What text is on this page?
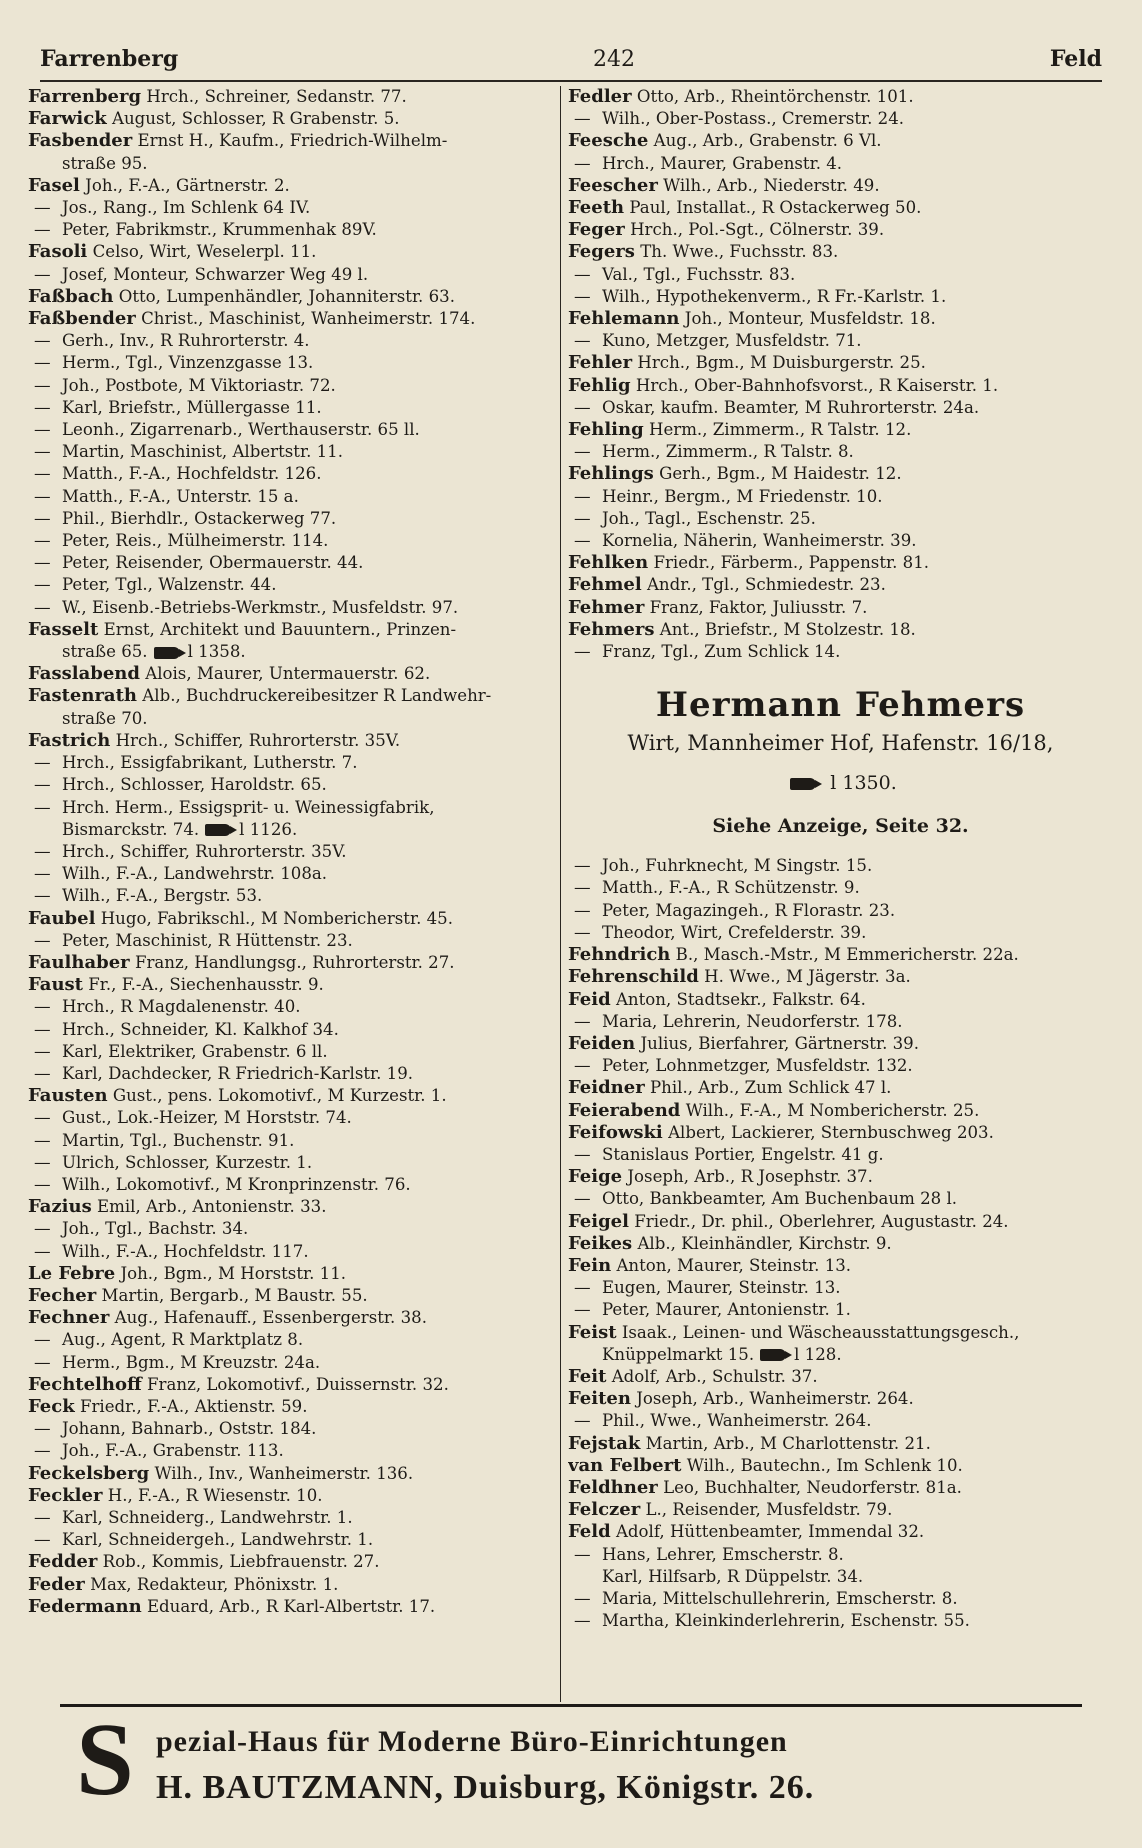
Farrenberg	242	Feld
Farrenberg Hrch., Schreiner, Sedanstr. 77.
Farwick August, Schlosser, R Grabenstr. 5.
Fasbender Ernst H., Kaufm., Friedrich-Wilhelm-
straße 95.
Fasel Joh., F.-A., Gärtnerstr. 2.
— Jos., Rang., Im Schlenk 64 IV.
— Peter, Fabrikmstr., Krummenhak 89V.
Fasoli Celso, Wirt, Weselerpl. 11.
— Josef, Monteur, Schwarzer Weg 49 l.
Faßbach Otto, Lumpenhändler, Johanniterstr. 63.
Faßbender Christ., Maschinist, Wanheimerstr. 174.
— Gerh., Inv., R Ruhrorterstr. 4.
— Herm., Tgl., Vinzenzgasse 13.
— Joh., Postbote, M Viktoriastr. 72.
— Karl, Briefstr., Müllergasse 11.
— Leonh., Zigarrenarb., Werthauserstr. 65 ll.
— Martin, Maschinist, Albertstr. 11.
— Matth., F.-A., Hochfeldstr. 126.
— Matth., F.-A., Unterstr. 15 a.
— Phil., Bierhdlr., Ostackerweg 77.
— Peter, Reis., Mülheimerstr. 114.
— Peter, Reisender, Obermauerstr. 44.
— Peter, Tgl., Walzenstr. 44.
— W., Eisenb.-Betriebs-Werkmstr., Musfeldstr. 97.
Fasselt Ernst, Architekt und Bauuntern., Prinzen-
straße 65. l 1358.
Fasslabend Alois, Maurer, Untermauerstr. 62.
Fastenrath Alb., Buchdruckereibesitzer R Landwehr-
straße 70.
Fastrich Hrch., Schiffer, Ruhrorterstr. 35V.
— Hrch., Essigfabrikant, Lutherstr. 7.
— Hrch., Schlosser, Haroldstr. 65.
— Hrch. Herm., Essigsprit- u. Weinessigfabrik,
Bismarckstr. 74. l 1126.
— Hrch., Schiffer, Ruhrorterstr. 35V.
— Wilh., F.-A., Landwehrstr. 108a.
— Wilh., F.-A., Bergstr. 53.
Faubel Hugo, Fabrikschl., M Nombericherstr. 45.
— Peter, Maschinist, R Hüttenstr. 23.
Faulhaber Franz, Handlungsg., Ruhrorterstr. 27.
Faust Fr., F.-A., Siechenhausstr. 9.
— Hrch., R Magdalenenstr. 40.
— Hrch., Schneider, Kl. Kalkhof 34.
— Karl, Elektriker, Grabenstr. 6 ll.
— Karl, Dachdecker, R Friedrich-Karlstr. 19.
Fausten Gust., pens. Lokomotivf., M Kurzestr. 1.
— Gust., Lok.-Heizer, M Horststr. 74.
— Martin, Tgl., Buchenstr. 91.
— Ulrich, Schlosser, Kurzestr. 1.
— Wilh., Lokomotivf., M Kronprinzenstr. 76.
Fazius Emil, Arb., Antonienstr. 33.
— Joh., Tgl., Bachstr. 34.
— Wilh., F.-A., Hochfeldstr. 117.
Le Febre Joh., Bgm., M Horststr. 11.
Fecher Martin, Bergarb., M Baustr. 55.
Fechner Aug., Hafenauff., Essenbergerstr. 38.
— Aug., Agent, R Marktplatz 8.
— Herm., Bgm., M Kreuzstr. 24a.
Fechtelhoff Franz, Lokomotivf., Duissernstr. 32.
Feck Friedr., F.-A., Aktienstr. 59.
— Johann, Bahnarb., Oststr. 184.
— Joh., F.-A., Grabenstr. 113.
Feckelsberg Wilh., Inv., Wanheimerstr. 136.
Feckler H., F.-A., R Wiesenstr. 10.
— Karl, Schneiderg., Landwehrstr. 1.
— Karl, Schneidergeh., Landwehrstr. 1.
Fedder Rob., Kommis, Liebfrauenstr. 27.
Feder Max, Redakteur, Phönixstr. 1.
Federmann Eduard, Arb., R Karl-Albertstr. 17.
Fedler Otto, Arb., Rheintörchenstr. 101.
— Wilh., Ober-Postass., Cremerstr. 24.
Feesche Aug., Arb., Grabenstr. 6 Vl.
— Hrch., Maurer, Grabenstr. 4.
Feescher Wilh., Arb., Niederstr. 49.
Feeth Paul, Installat., R Ostackerweg 50.
Feger Hrch., Pol.-Sgt., Cölnerstr. 39.
Fegers Th. Wwe., Fuchsstr. 83.
— Val., Tgl., Fuchsstr. 83.
— Wilh., Hypothekenverm., R Fr.-Karlstr. 1.
Fehlemann Joh., Monteur, Musfeldstr. 18.
— Kuno, Metzger, Musfeldstr. 71.
Fehler Hrch., Bgm., M Duisburgerstr. 25.
Fehlig Hrch., Ober-Bahnhofsvorst., R Kaiserstr. 1.
— Oskar, kaufm. Beamter, M Ruhrorterstr. 24a.
Fehling Herm., Zimmerm., R Talstr. 12.
— Herm., Zimmerm., R Talstr. 8.
Fehlings Gerh., Bgm., M Haidestr. 12.
— Heinr., Bergm., M Friedenstr. 10.
— Joh., Tagl., Eschenstr. 25.
— Kornelia, Näherin, Wanheimerstr. 39.
Fehlken Friedr., Färberm., Pappenstr. 81.
Fehmel Andr., Tgl., Schmiedestr. 23.
Fehmer Franz, Faktor, Juliusstr. 7.
Fehmers Ant., Briefstr., M Stolzestr. 18.
— Franz, Tgl., Zum Schlick 14.
Hermann Fehmers
Wirt, Mannheimer Hof, Hafenstr. 16/18,
l 1350.
Siehe Anzeige, Seite 32.
— Joh., Fuhrknecht, M Singstr. 15.
— Matth., F.-A., R Schützenstr. 9.
— Peter, Magazingeh., R Florastr. 23.
— Theodor, Wirt, Crefelderstr. 39.
Fehndrich B., Masch.-Mstr., M Emmericherstr. 22a.
Fehrenschild H. Wwe., M Jägerstr. 3a.
Feid Anton, Stadtsekr., Falkstr. 64.
— Maria, Lehrerin, Neudorferstr. 178.
Feiden Julius, Bierfahrer, Gärtnerstr. 39.
— Peter, Lohnmetzger, Musfeldstr. 132.
Feidner Phil., Arb., Zum Schlick 47 l.
Feierabend Wilh., F.-A., M Nombericherstr. 25.
Feifowski Albert, Lackierer, Sternbuschweg 203.
— Stanislaus Portier, Engelstr. 41 g.
Feige Joseph, Arb., R Josephstr. 37.
— Otto, Bankbeamter, Am Buchenbaum 28 l.
Feigel Friedr., Dr. phil., Oberlehrer, Augustastr. 24.
Feikes Alb., Kleinhändler, Kirchstr. 9.
Fein Anton, Maurer, Steinstr. 13.
— Eugen, Maurer, Steinstr. 13.
— Peter, Maurer, Antonienstr. 1.
Feist Isaak., Leinen- und Wäscheausstattungsgesch.,
Knüppelmarkt 15. l 128.
Feit Adolf, Arb., Schulstr. 37.
Feiten Joseph, Arb., Wanheimerstr. 264.
— Phil., Wwe., Wanheimerstr. 264.
Fejstak Martin, Arb., M Charlottenstr. 21.
van Felbert Wilh., Bautechn., Im Schlenk 10.
Feldhner Leo, Buchhalter, Neudorferstr. 81a.
Felczer L., Reisender, Musfeldstr. 79.
Feld Adolf, Hüttenbeamter, Immendal 32.
— Hans, Lehrer, Emscherstr. 8.
Karl, Hilfsarb, R Düppelstr. 34.
— Maria, Mittelschullehrerin, Emscherstr. 8.
— Martha, Kleinkinderlehrerin, Eschenstr. 55.
S pezial-Haus für Moderne Büro-Einrichtungen
H. BAUTZMANN, Duisburg, Königstr. 26.
